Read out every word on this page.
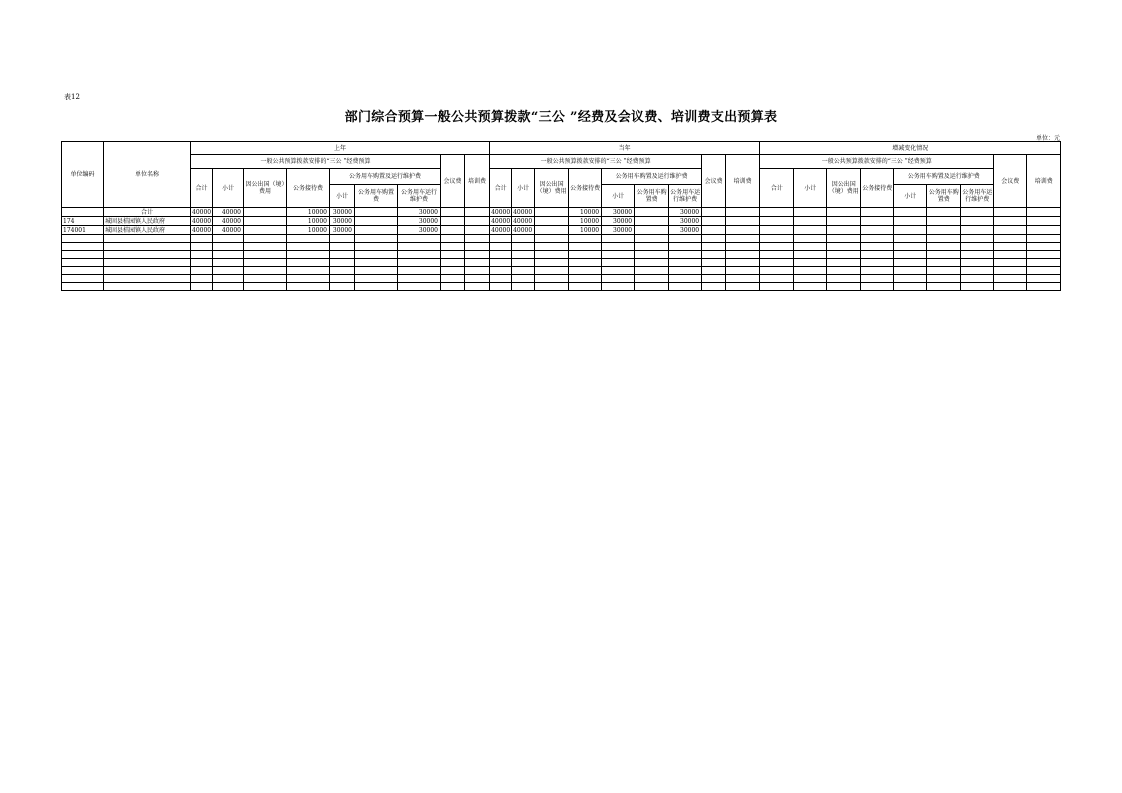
表12
部门综合预算一般公共预算拨款“三公 ”经费及会议费、培训费支出预算表
单位：元
单位编码	单位名称	上年									当年									增减变化情况								
		一般公共预算拨款安排的“三公 ”经费预算							会议费	培训费	一般公共预算拨款安排的“三公 ”经费预算							会议费	培训费	一般公共预算拨款安排的“三公 ”经费预算							会议费	培训费
		合计	小计	因公出国（境）费用	公务接待费	公务用车购置及运行维护费					合计	小计	因公出国（境）费用	公务接待费	公务用车购置及运行维护费					合计	小计	因公出国（境）费用	公务接待费	公务用车购置及运行维护费				
						小计	公务用车购置费	公务用车运行维护费							小计	公务用车购置费	公务用车运行维护费							小计	公务用车购置费	公务用车运行维护费		
	合计	40000	40000		10000	30000		30000			40000	40000		10000	30000		30000											
174	城固县桔园镇人民政府	40000	40000		10000	30000		30000			40000	40000		10000	30000		30000											
174001	城固县桔园镇人民政府	40000	40000		10000	30000		30000			40000	40000		10000	30000		30000											
